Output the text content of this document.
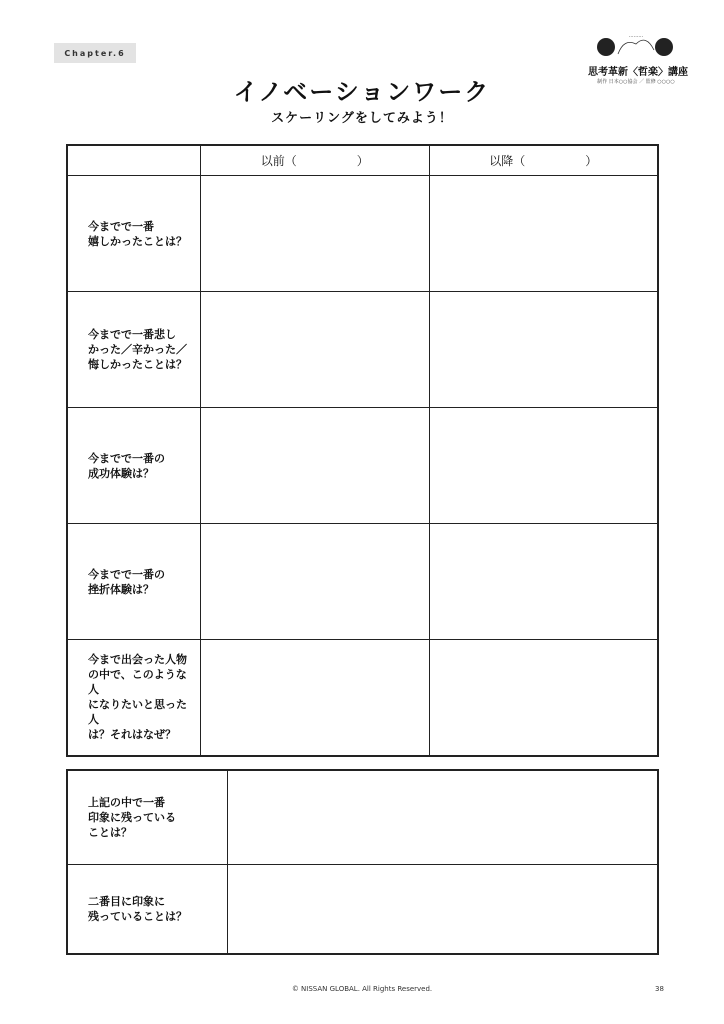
Chapter.6
·········
思考革新〈哲楽〉講座
制作 日本○○協会 ／ 監修 ○○○○
イノベーションワーク
スケーリングをしてみよう！
	以前（　　　　　）	以降（　　　　　）

今までで一番
嬉しかったことは？		

今までで一番悲し
かった／辛かった／
悔しかったことは？		

今までで一番の
成功体験は？		

今までで一番の
挫折体験は？		

今まで出会った人物
の中で、このような人
になりたいと思った人
は？それはなぜ？		

上記の中で一番
印象に残っている
ことは？	

二番目に印象に
残っていることは？	

© NISSAN GLOBAL. All Rights Reserved.	38
